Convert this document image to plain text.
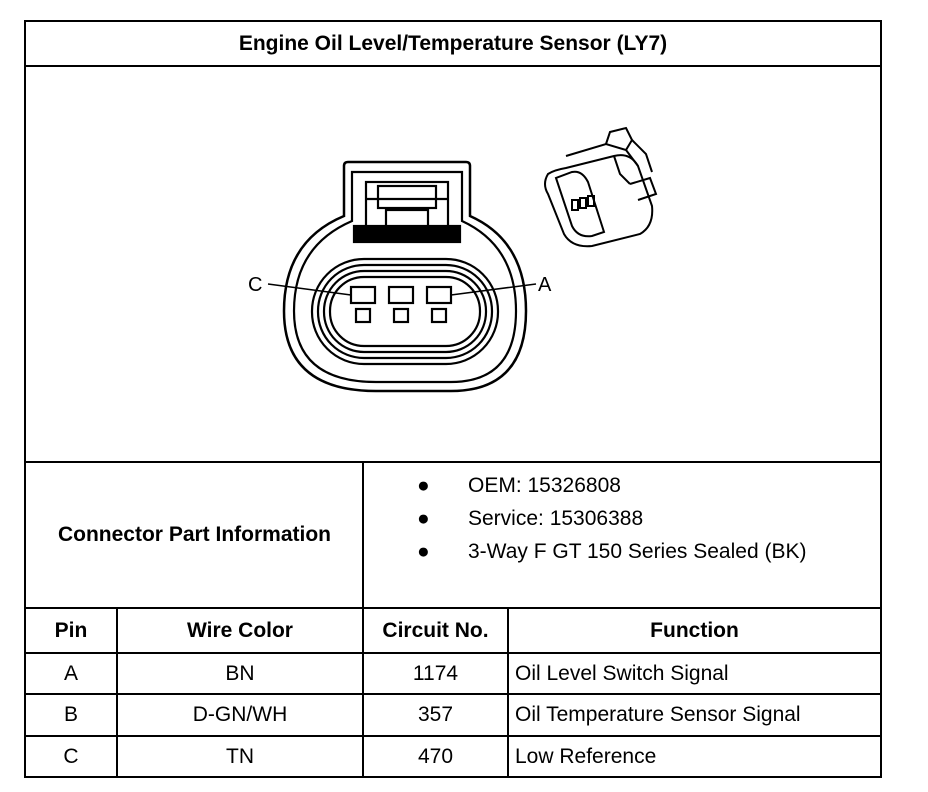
Engine Oil Level/Temperature Sensor (LY7)
C	A
Connector Part Information
● OEM: 15326808
● Service: 15306388
● 3-Way F GT 150 Series Sealed (BK)
Pin	Wire Color	Circuit No.	Function
A	BN	1174	Oil Level Switch Signal
B	D-GN/WH	357	Oil Temperature Sensor Signal
C	TN	470	Low Reference
